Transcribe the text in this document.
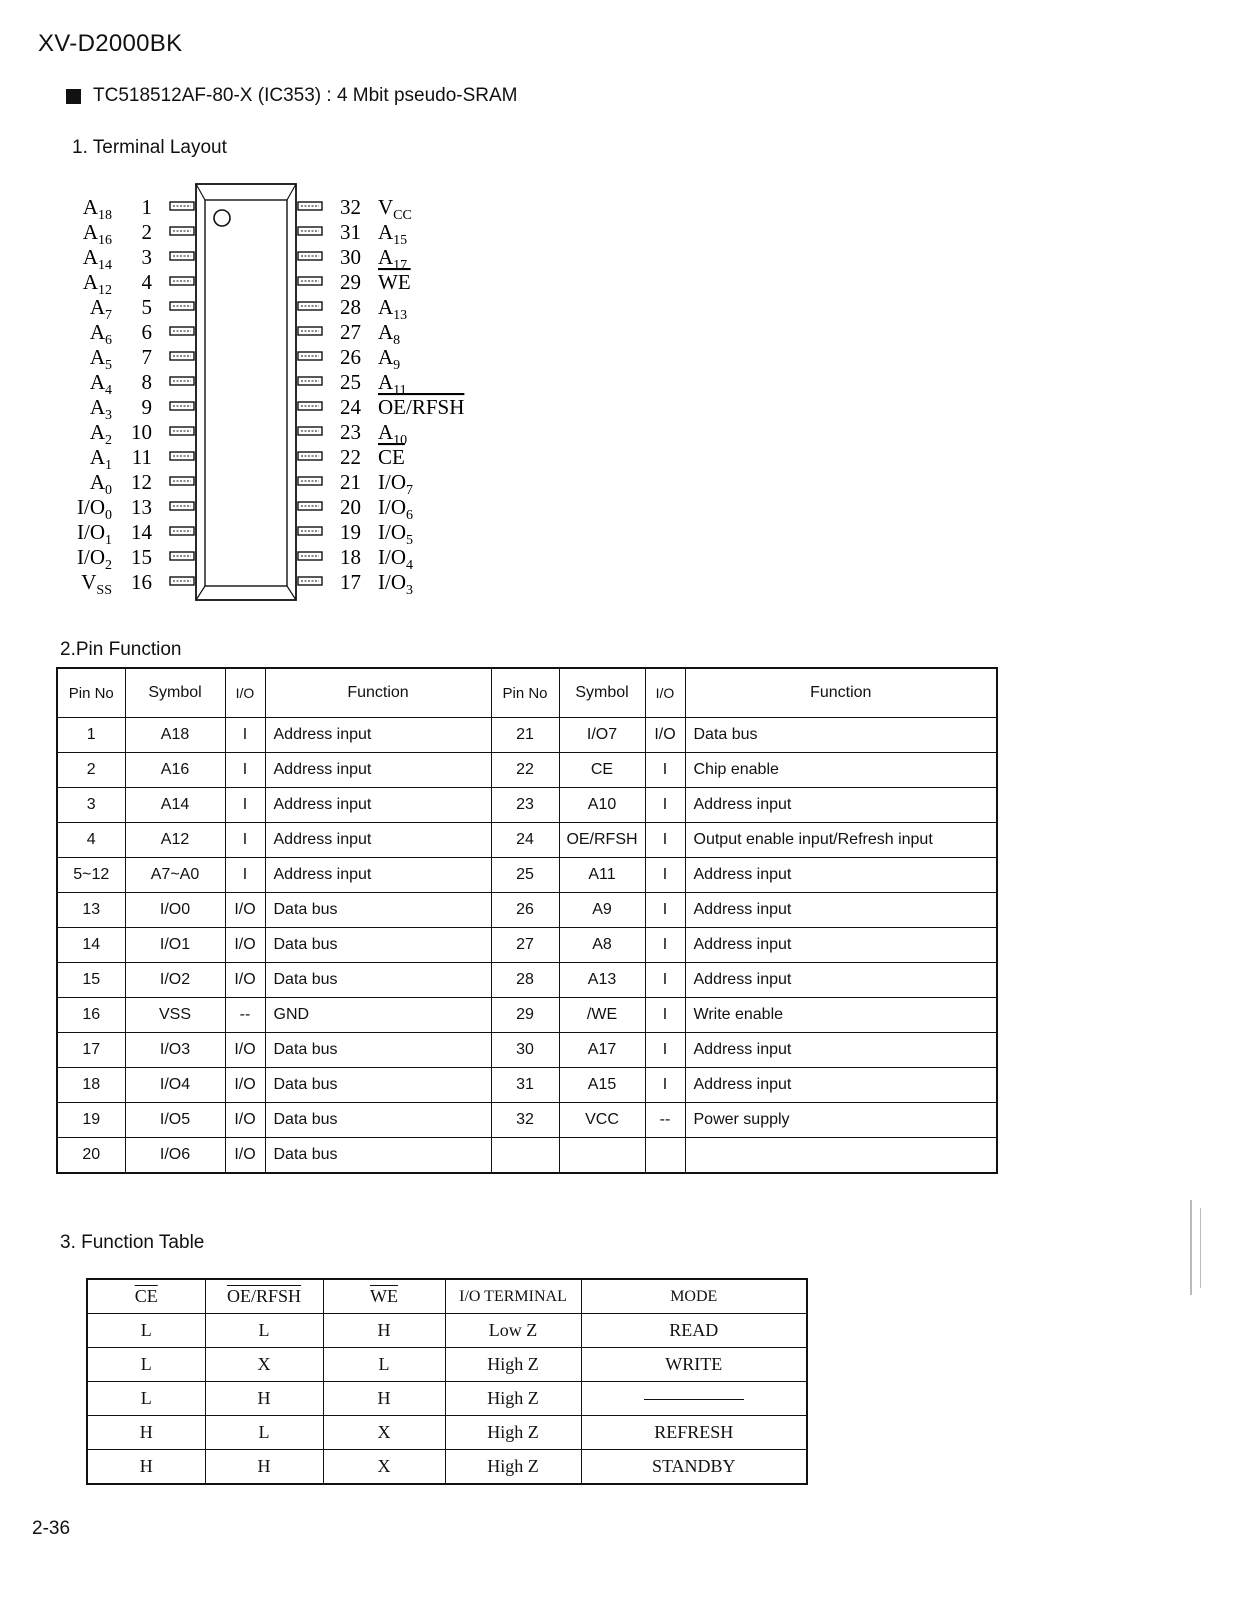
XV-D2000BK
TC518512AF-80-X (IC353) : 4 Mbit pseudo-SRAM
1. Terminal Layout
1
$A_{18}$
2
$A_{16}$
3
$A_{14}$
4
$A_{12}$
5
$A_7$
6
$A_6$
7
$A_5$
8
$A_4$
9
$A_3$
10
$A_2$
11
$A_1$
12
$A_0$
13
$I/O_0$
14
$I/O_1$
15
$I/O_2$
16
$V_{SS}$
32 $V_{CC}$
31 $A_{15}$
30 $A_{17}$
29 WE
28 $A_{13}$
27 $A_8$
26 $A_9$
25 $A_{11}$
24 OE/RFSH
23 $A_{10}$
22 CE
21 $I/O_7$
20 $I/O_6$
19 $I/O_5$
18 $I/O_4$
17 $I/O_3$
2.Pin Function
Pin No	Symbol	I/O	Function	Pin No	Symbol	I/O	Function
1	A18	I	Address input	21	I/O7	I/O	Data bus
2	A16	I	Address input	22	CE	I	Chip enable
3	A14	I	Address input	23	A10	I	Address input
4	A12	I	Address input	24	OE/RFSH	I	Output enable input/Refresh input
5~12	A7~A0	I	Address input	25	A11	I	Address input
13	I/O0	I/O	Data bus	26	A9	I	Address input
14	I/O1	I/O	Data bus	27	A8	I	Address input
15	I/O2	I/O	Data bus	28	A13	I	Address input
16	VSS	--	GND	29	/WE	I	Write enable
17	I/O3	I/O	Data bus	30	A17	I	Address input
18	I/O4	I/O	Data bus	31	A15	I	Address input
19	I/O5	I/O	Data bus	32	VCC	--	Power supply
20	I/O6	I/O	Data bus				
3. Function Table
$\overline{CE}$	OE/RFSH	$\overline{WE}$	I/O TERMINAL	MODE
L	L	H	Low Z	READ
L	X	L	High Z	WRITE
L	H	H	High Z	
H	L	X	High Z	REFRESH
H	H	X	High Z	STANDBY
2-36
